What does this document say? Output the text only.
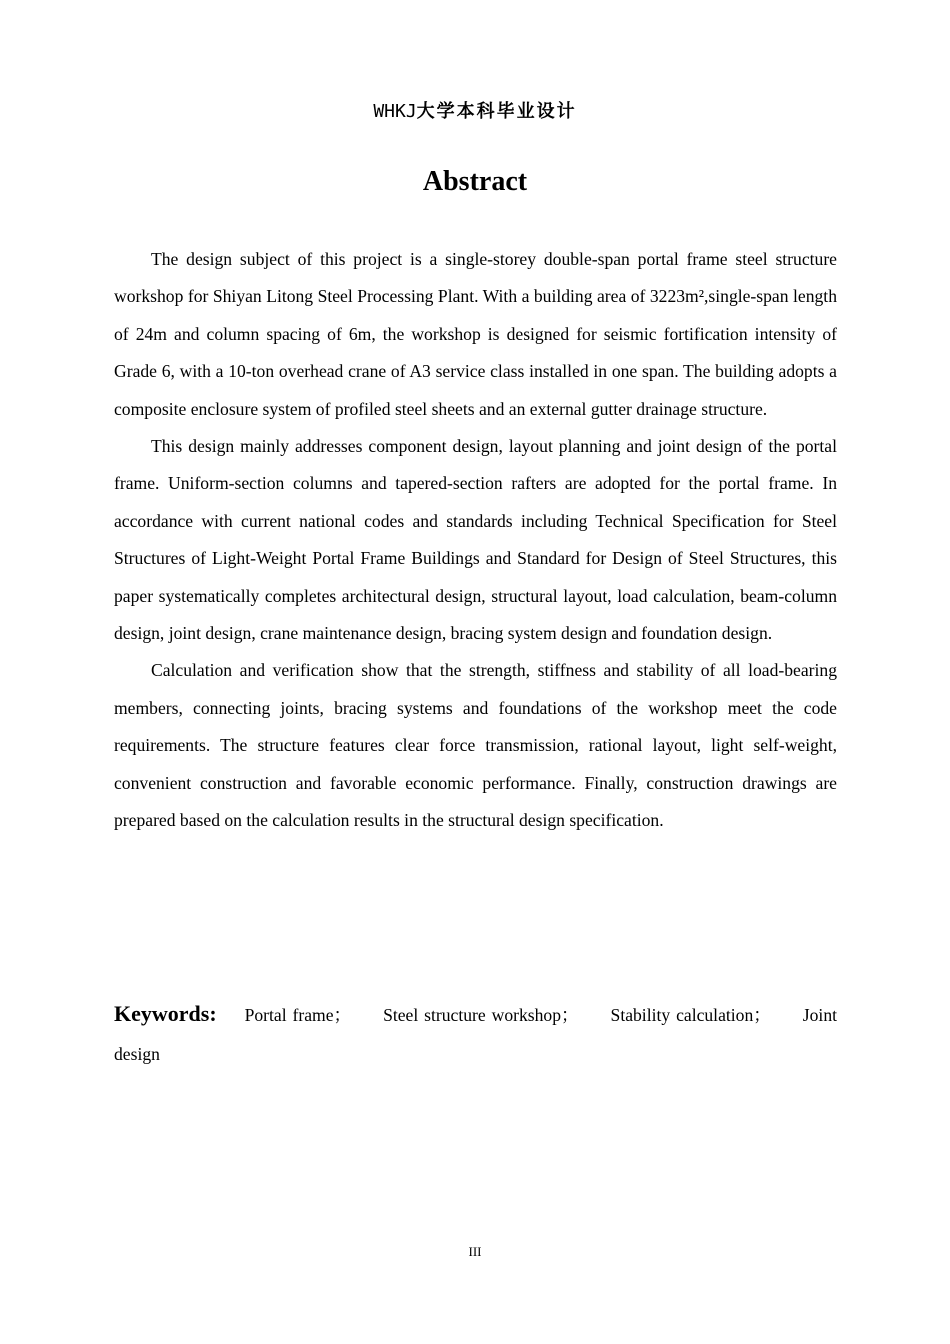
WHKJ大学本科毕业设计
Abstract

The design subject of this project is a single-storey double-span portal frame steel structure workshop for Shiyan Litong Steel Processing Plant. With a building area of 3223m²,single-span length of 24m and column spacing of 6m, the workshop is designed for seismic fortification intensity of Grade 6, with a 10-ton overhead crane of A3 service class installed in one span. The building adopts a composite enclosure system of profiled steel sheets and an external gutter drainage structure.

This design mainly addresses component design, layout planning and joint design of the portal frame. Uniform-section columns and tapered-section rafters are adopted for the portal frame. In accordance with current national codes and standards including Technical Specification for Steel Structures of Light-Weight Portal Frame Buildings and Standard for Design of Steel Structures, this paper systematically completes architectural design, structural layout, load calculation, beam-column design, joint design, crane maintenance design, bracing system design and foundation design.

Calculation and verification show that the strength, stiffness and stability of all load-bearing members, connecting joints, bracing systems and foundations of the workshop meet the code requirements. The structure features clear force transmission, rational layout, light self-weight, convenient construction and favorable economic performance. Finally, construction drawings are prepared based on the calculation results in the structural design specification.

Keywords: Portal frame； Steel structure workshop； Stability calculation； Joint design
III
